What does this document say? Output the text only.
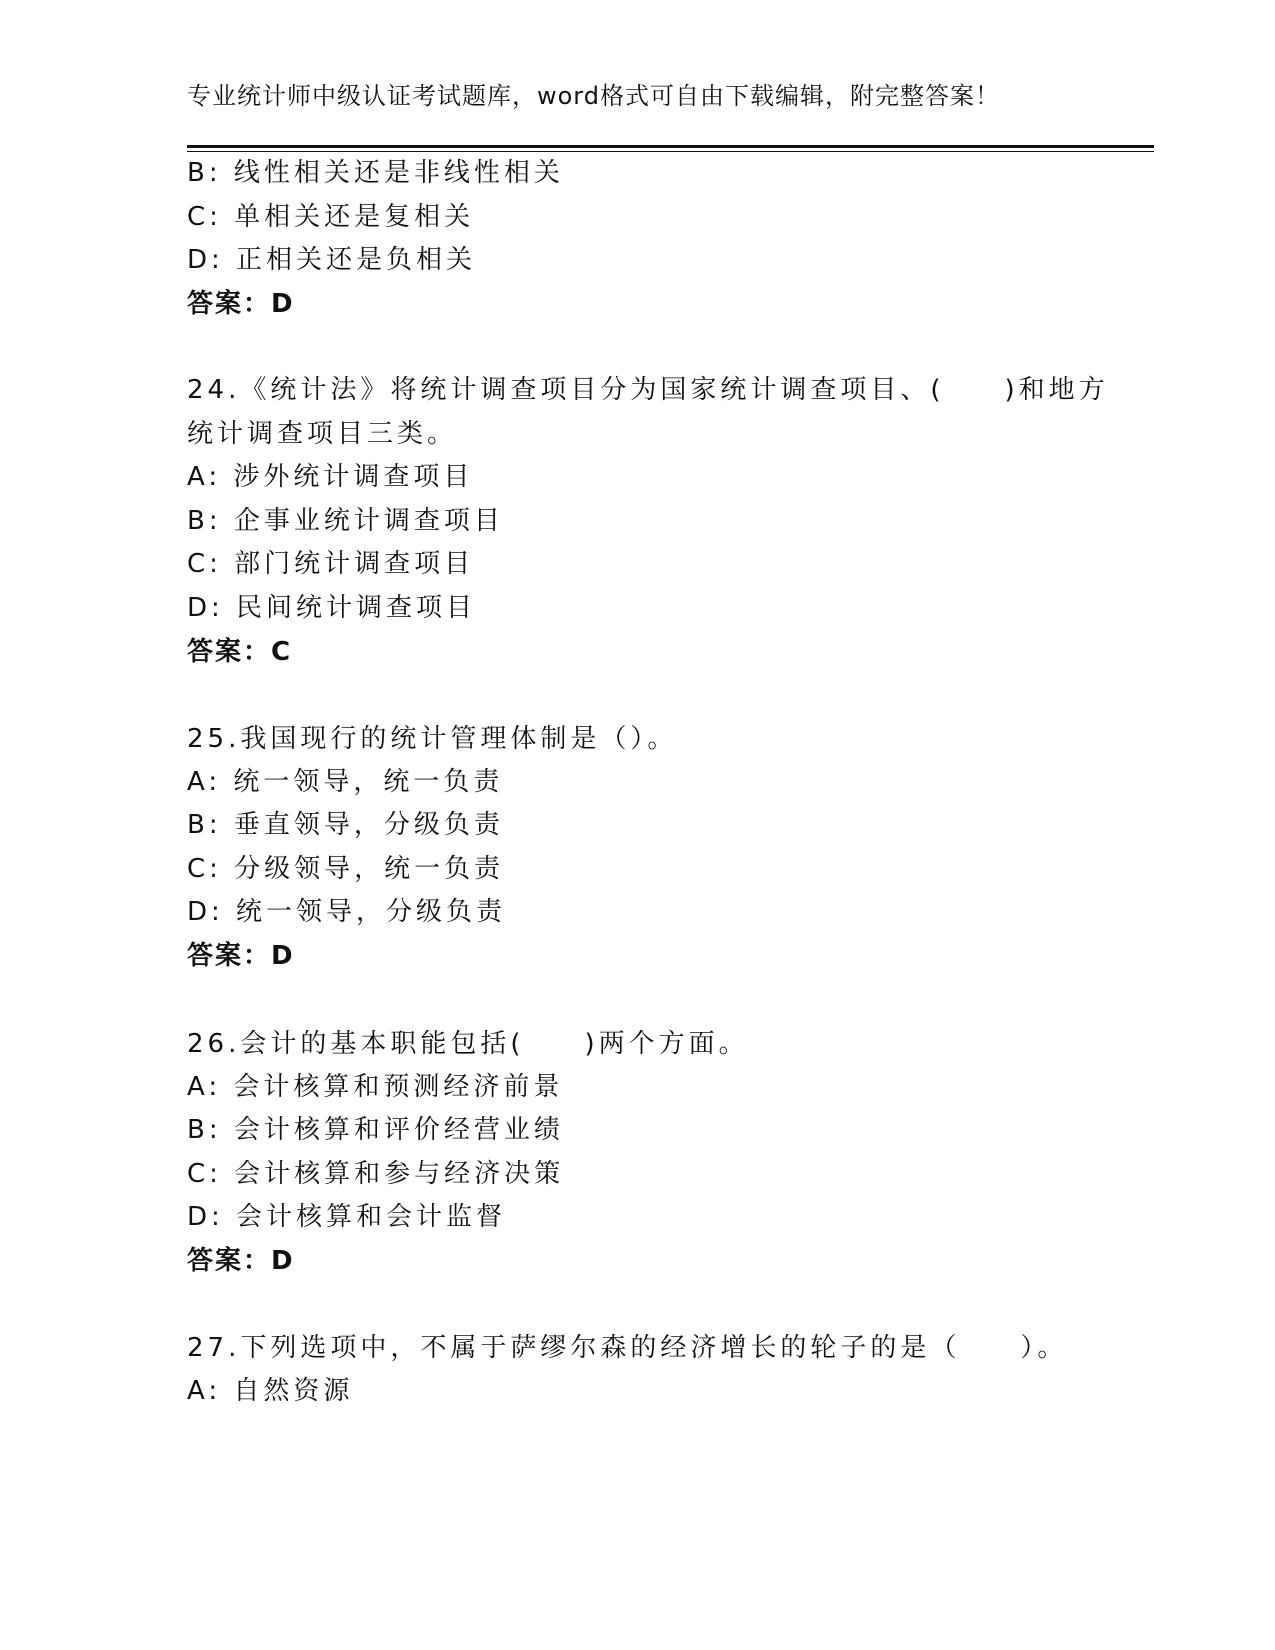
专业统计师中级认证考试题库，word格式可自由下载编辑，附完整答案！
B: 线性相关还是非线性相关
C: 单相关还是复相关
D: 正相关还是负相关
答案：D
24.《统计法》将统计调查项目分为国家统计调查项目、(　　)和地方
统计调查项目三类。
A: 涉外统计调查项目
B: 企事业统计调查项目
C: 部门统计调查项目
D: 民间统计调查项目
答案：C
25.我国现行的统计管理体制是（）。
A: 统一领导，统一负责
B: 垂直领导，分级负责
C: 分级领导，统一负责
D: 统一领导，分级负责
答案：D
26.会计的基本职能包括(　　)两个方面。
A: 会计核算和预测经济前景
B: 会计核算和评价经营业绩
C: 会计核算和参与经济决策
D: 会计核算和会计监督
答案：D
27.下列选项中，不属于萨缪尔森的经济增长的轮子的是（　　）。
A: 自然资源
